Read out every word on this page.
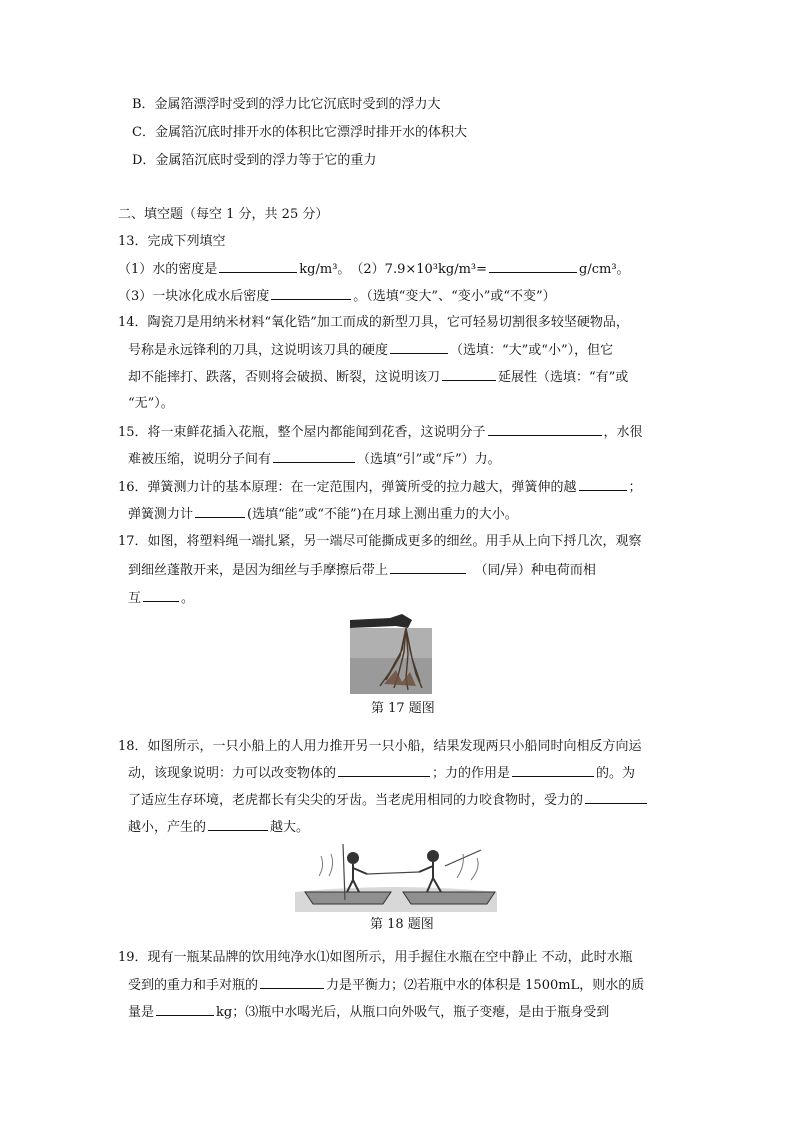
B．金属箔漂浮时受到的浮力比它沉底时受到的浮力大
C．金属箔沉底时排开水的体积比它漂浮时排开水的体积大
D．金属箔沉底时受到的浮力等于它的重力
二、填空题（每空 1 分，共 25 分）
13．完成下列填空
（1）水的密度是	kg/m³。　（2）7.9×10³kg/m³=	g/cm³。
（3）一块冰化成水后密度	。（选填“变大”、“变小”或“不变”）
14．陶瓷刀是用纳米材料“氧化锆”加工而成的新型刀具，它可轻易切割很多较坚硬物品，
号称是永远锋利的刀具，这说明该刀具的硬度	（选填：“大”或“小”），但它
却不能摔打、跌落，否则将会破损、断裂，这说明该刀	延展性（选填：“有”或
“无”）。
15．将一束鲜花插入花瓶，整个屋内都能闻到花香，这说明分子	，水很
难被压缩，说明分子间有	（选填“引”或“斥”）力。
16．弹簧测力计的基本原理：在一定范围内，弹簧所受的拉力越大，弹簧伸的越	；
弹簧测力计	(选填“能”或“不能”)在月球上测出重力的大小。
17．如图，将塑料绳一端扎紧，另一端尽可能撕成更多的细丝。用手从上向下捋几次，观察
到细丝蓬散开来，是因为细丝与手摩擦后带上　	（同/异）种电荷而相
互	。
第 17 题图
18．如图所示，一只小船上的人用力推开另一只小船，结果发现两只小船同时向相反方向运
动，该现象说明：力可以改变物体的	；力的作用是	的。为
了适应生存环境，老虎都长有尖尖的牙齿。当老虎用相同的力咬食物时，受力的
越小，产生的	越大。
第 18 题图
19．现有一瓶某品牌的饮用纯净水⑴如图所示，用手握住水瓶在空中静止 不动，此时水瓶
受到的重力和手对瓶的	力是平衡力；⑵若瓶中水的体积是 1500mL，则水的质
量是	kg；⑶瓶中水喝光后，从瓶口向外吸气，瓶子变瘪，是由于瓶身受到
